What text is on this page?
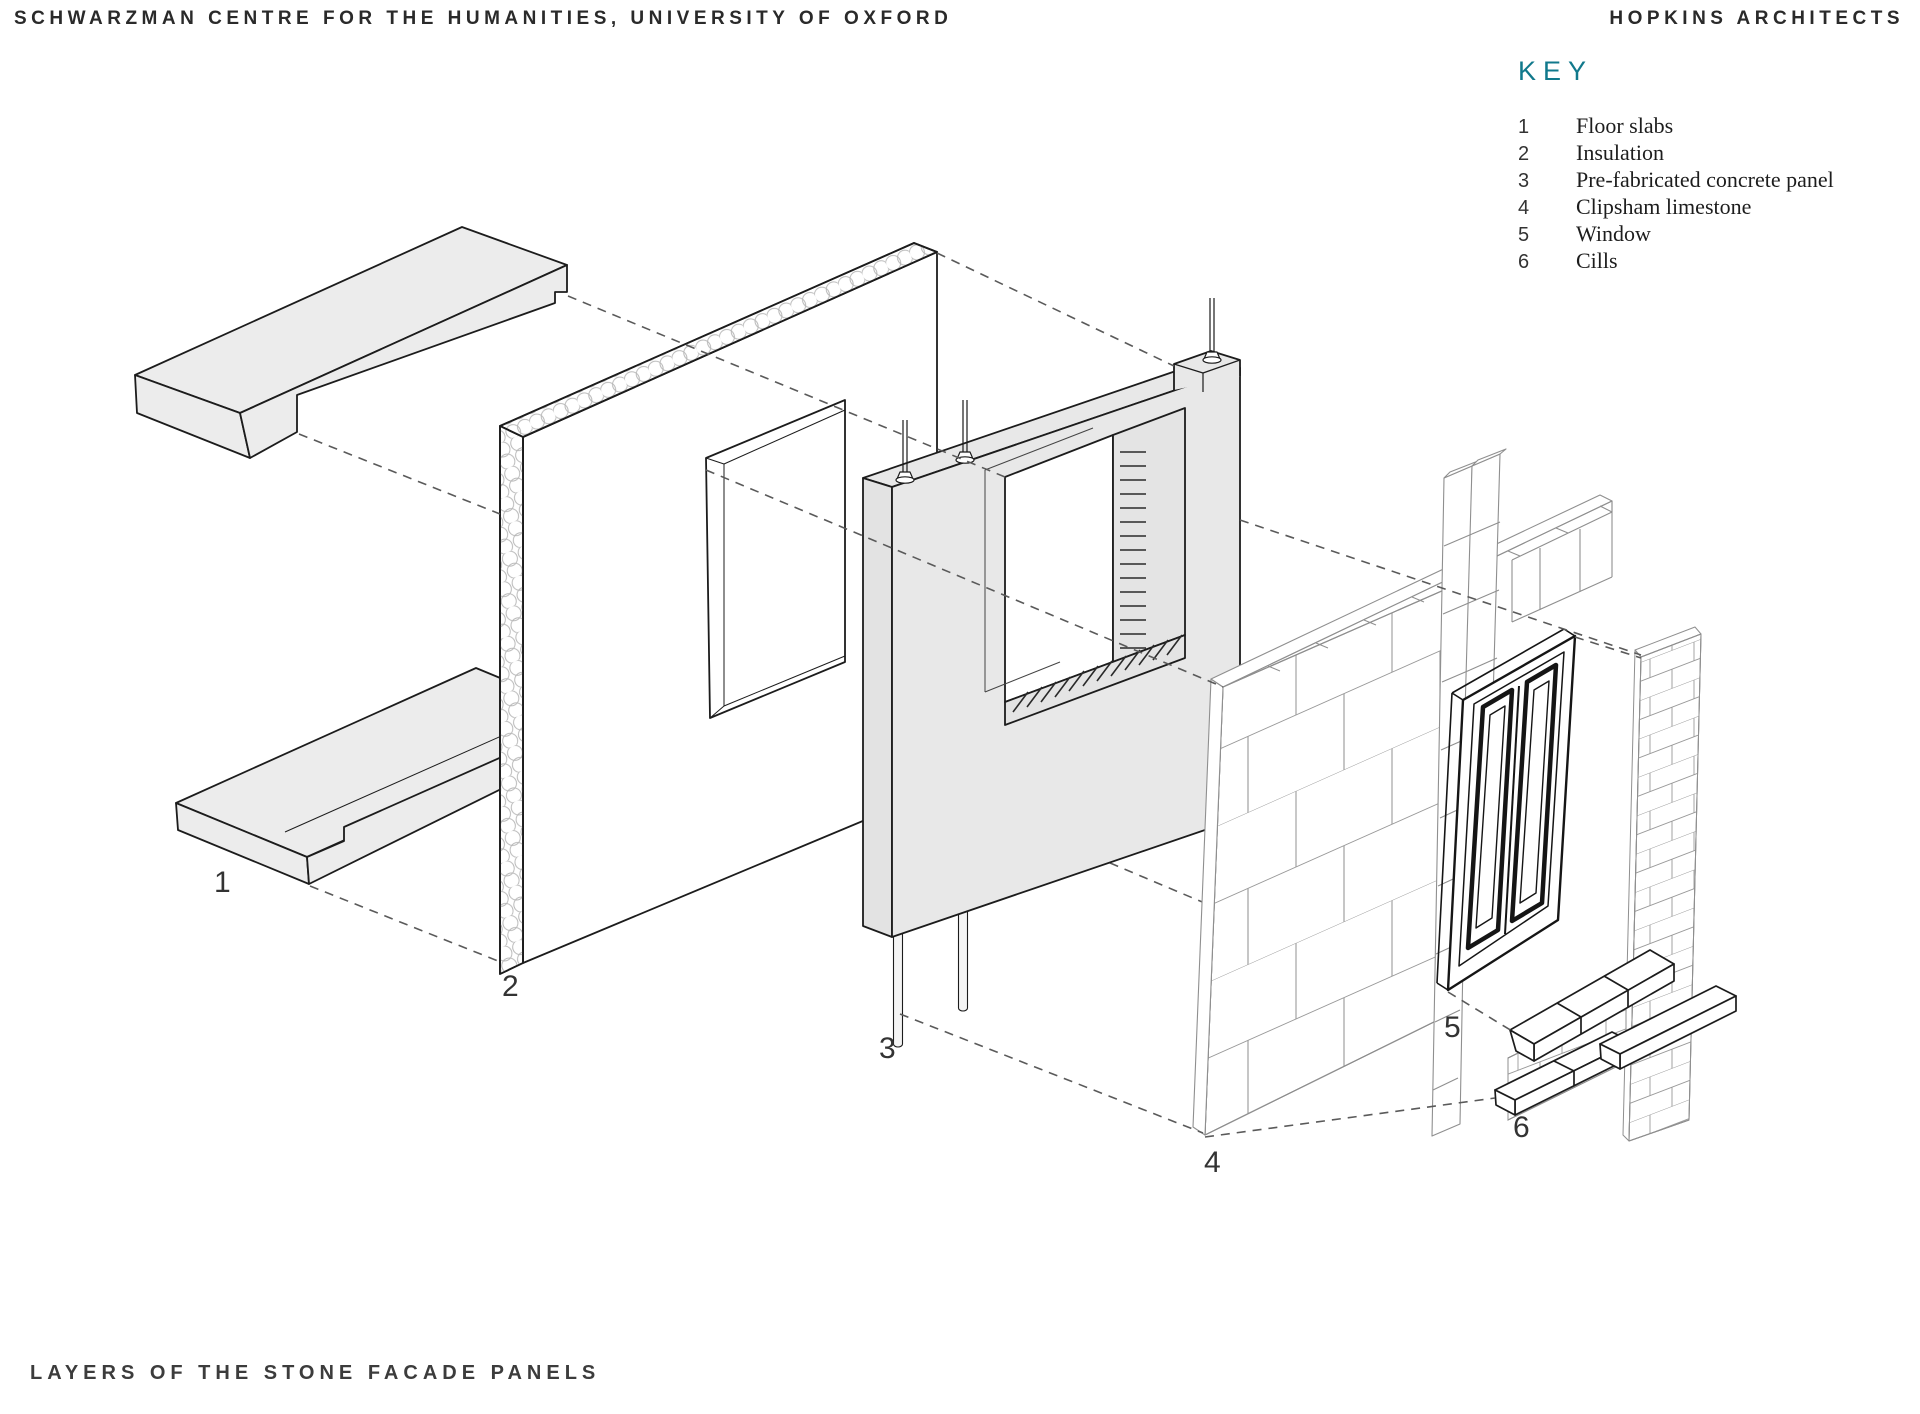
SCHWARZMAN CENTRE FOR THE HUMANITIES, UNIVERSITY OF OXFORD	HOPKINS ARCHITECTS
KEY
1	Floor slabs
2	Insulation
3	Pre-fabricated concrete panel
4	Clipsham limestone
5	Window
6	Cills
1
2
3
4
5
6
LAYERS OF THE STONE FACADE PANELS
